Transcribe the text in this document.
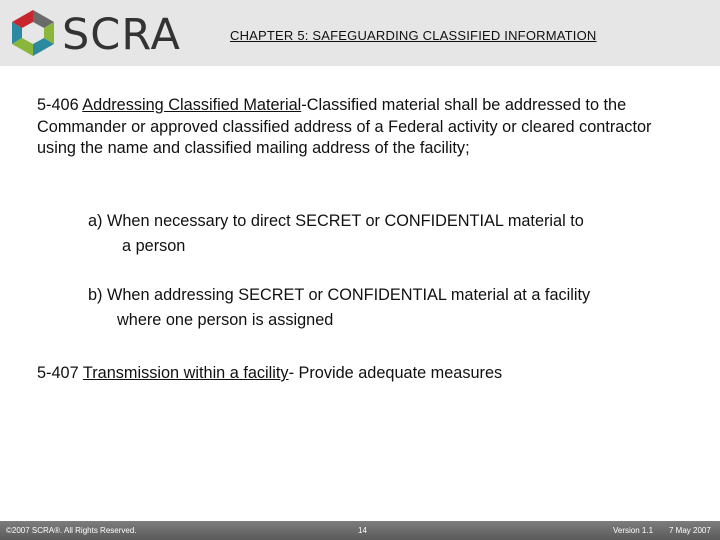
SCRA	CHAPTER 5: SAFEGUARDING CLASSIFIED INFORMATION

5-406 Addressing Classified Material-Classified material shall be addressed to the Commander or approved classified address of a Federal activity or cleared contractor using the name and classified mailing address of the facility;

a) When necessary to direct SECRET or CONFIDENTIAL material to
a person
b) When addressing SECRET or CONFIDENTIAL material at a facility
where one person is assigned
5-407 Transmission within a facility- Provide adequate measures
©2007 SCRA®. All Rights Reserved.	14	Version 1.1 7 May 2007
